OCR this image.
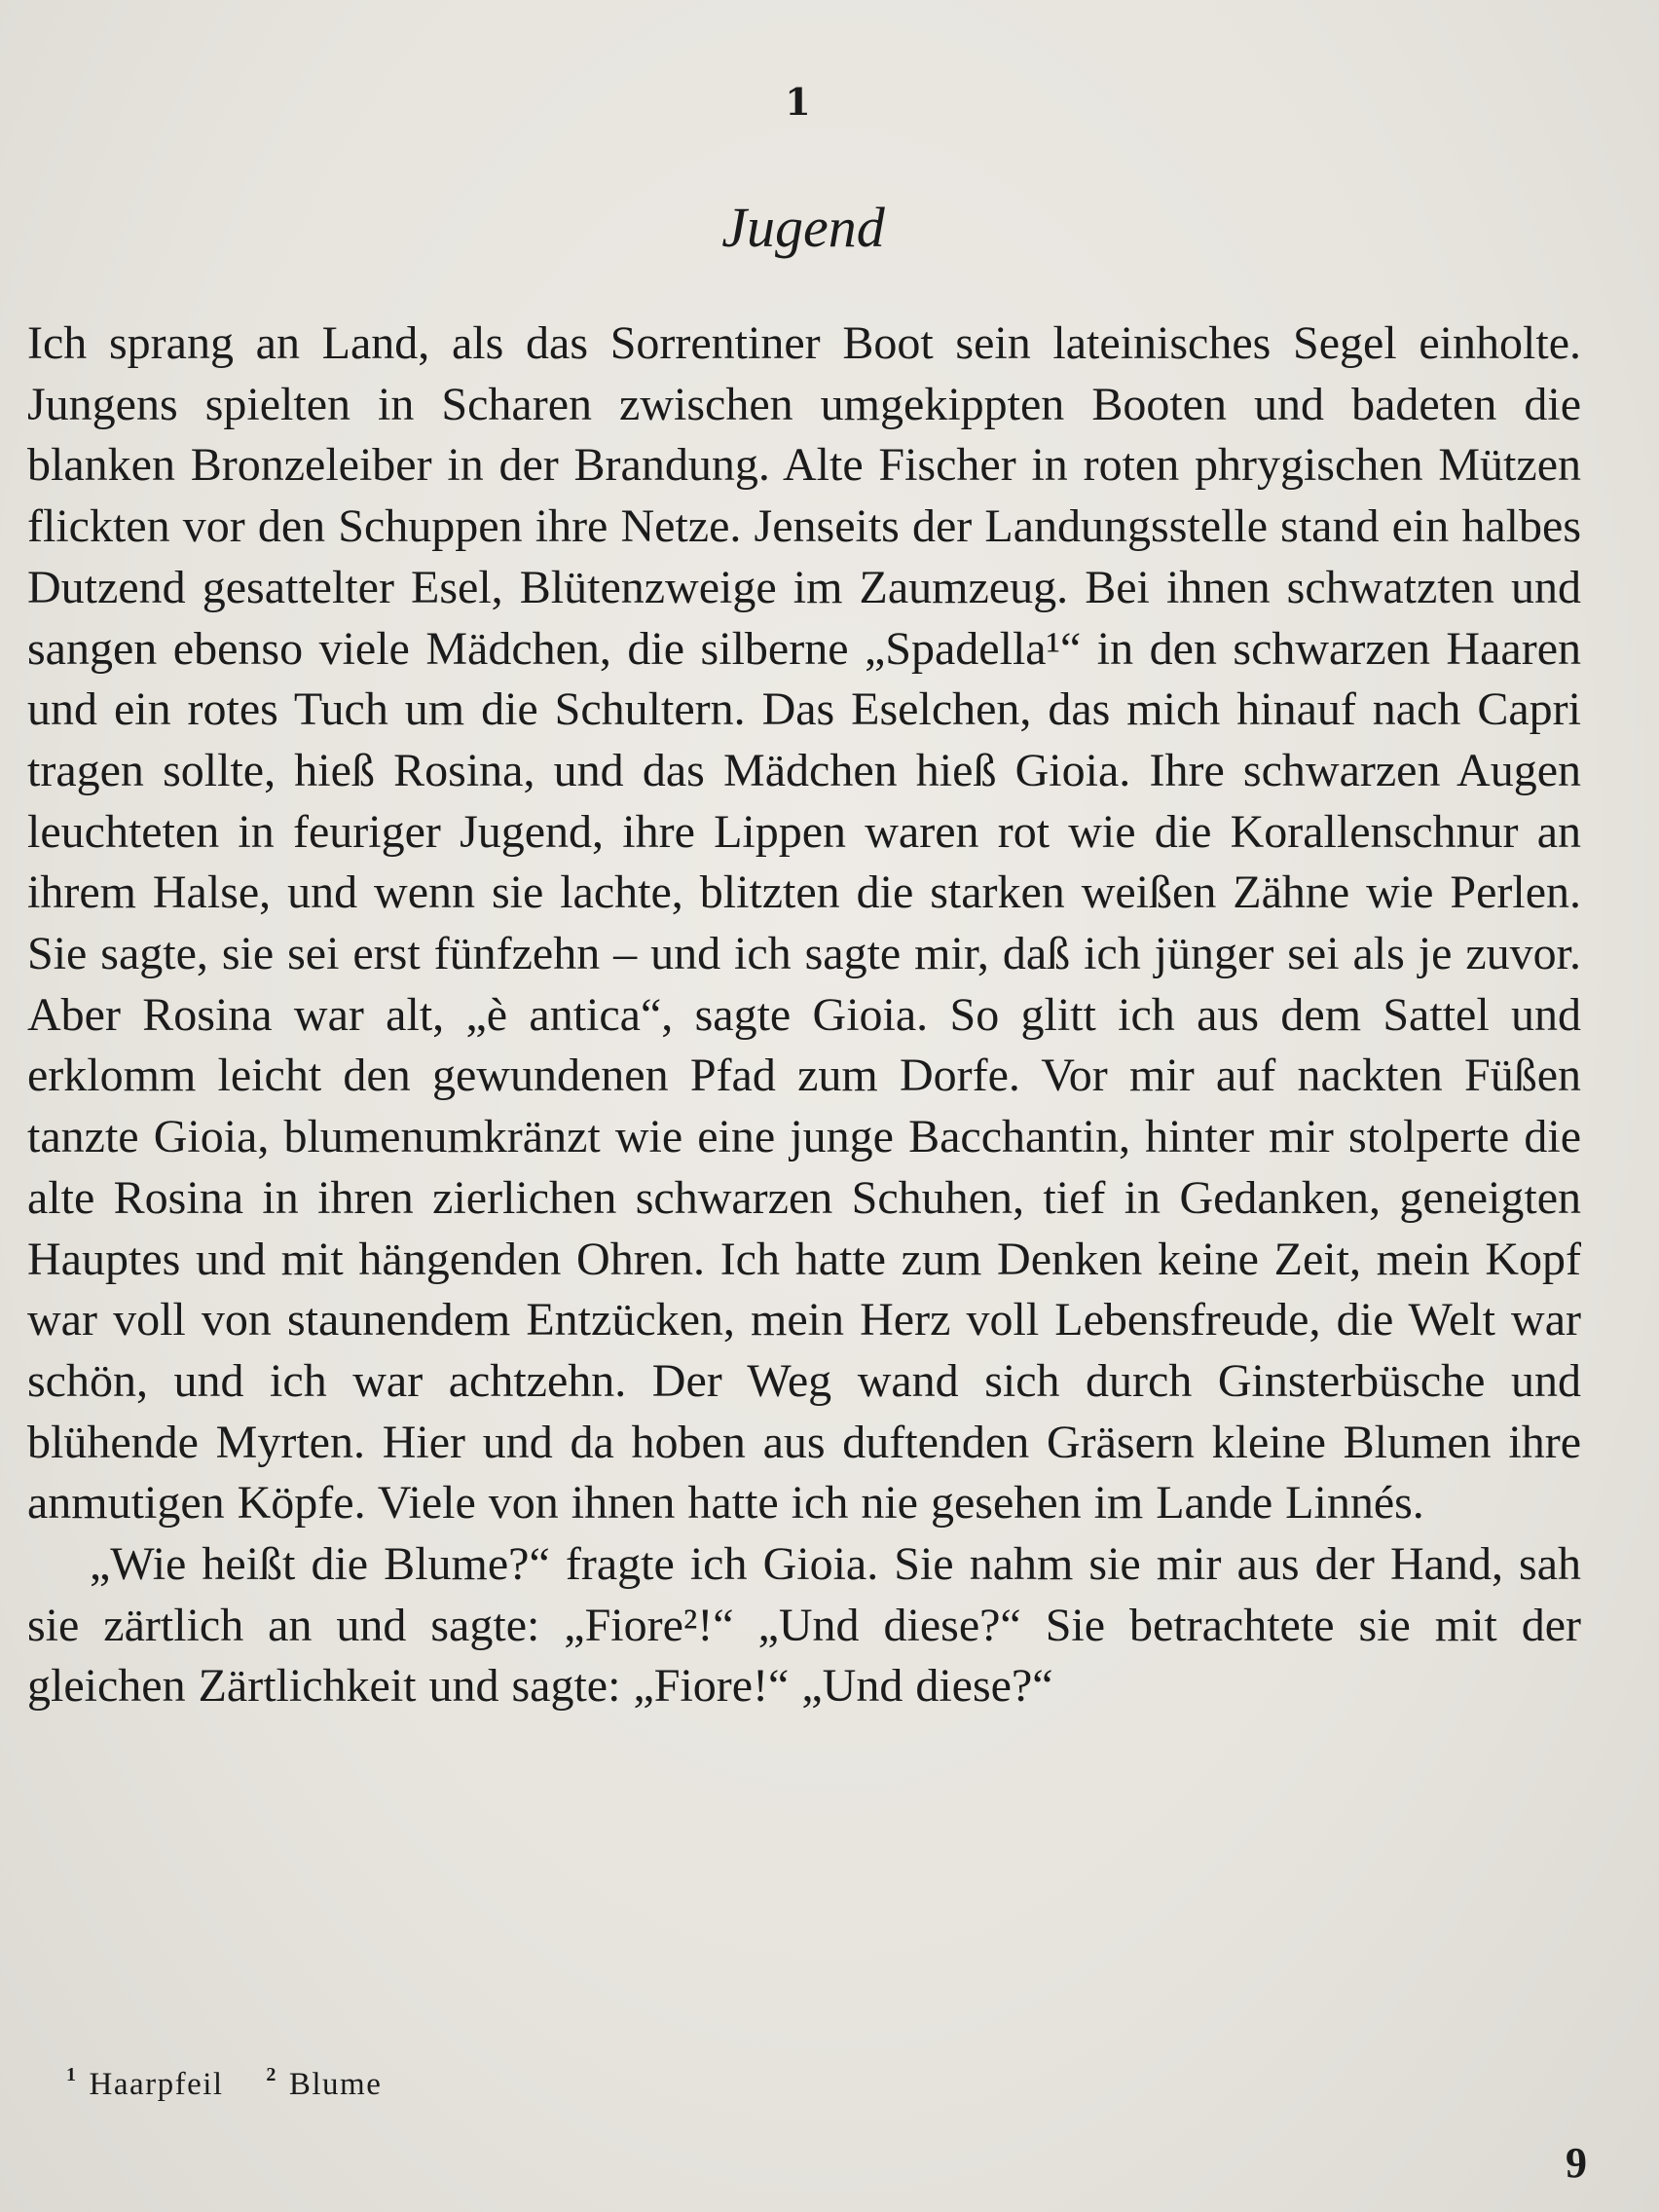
1
Jugend

Ich sprang an Land, als das Sorrentiner Boot sein lateinisches Segel einholte. Jungens spielten in Scharen zwischen umgekippten Booten und badeten die blanken Bronzeleiber in der Brandung. Alte Fischer in roten phrygischen Mützen flickten vor den Schuppen ihre Netze. Jenseits der Landungsstelle stand ein halbes Dutzend gesattelter Esel, Blütenzweige im Zaumzeug. Bei ihnen schwatzten und sangen ebenso viele Mädchen, die silberne „Spadella¹“ in den schwarzen Haaren und ein rotes Tuch um die Schultern. Das Eselchen, das mich hinauf nach Capri tragen sollte, hieß Rosina, und das Mädchen hieß Gioia. Ihre schwarzen Augen leuchteten in feuriger Jugend, ihre Lippen waren rot wie die Korallenschnur an ihrem Halse, und wenn sie lachte, blitzten die starken weißen Zähne wie Perlen. Sie sagte, sie sei erst fünfzehn – und ich sagte mir, daß ich jünger sei als je zuvor. Aber Rosina war alt, „è antica“, sagte Gioia. So glitt ich aus dem Sattel und erklomm leicht den gewundenen Pfad zum Dorfe. Vor mir auf nackten Füßen tanzte Gioia, blumenumkränzt wie eine junge Bacchantin, hinter mir stolperte die alte Rosina in ihren zierlichen schwarzen Schuhen, tief in Gedanken, geneigten Hauptes und mit hängenden Ohren. Ich hatte zum Denken keine Zeit, mein Kopf war voll von staunendem Entzücken, mein Herz voll Lebensfreude, die Welt war schön, und ich war achtzehn. Der Weg wand sich durch Ginsterbüsche und blühende Myrten. Hier und da hoben aus duftenden Gräsern kleine Blumen ihre anmutigen Köpfe. Viele von ihnen hatte ich nie gesehen im Lande Linnés.

„Wie heißt die Blume?“ fragte ich Gioia. Sie nahm sie mir aus der Hand, sah sie zärtlich an und sagte: „Fiore²!“ „Und diese?“ Sie betrachtete sie mit der gleichen Zärtlichkeit und sagte: „Fiore!“ „Und diese?“

$^1$ Haarpfeil $^2$ Blume
9
